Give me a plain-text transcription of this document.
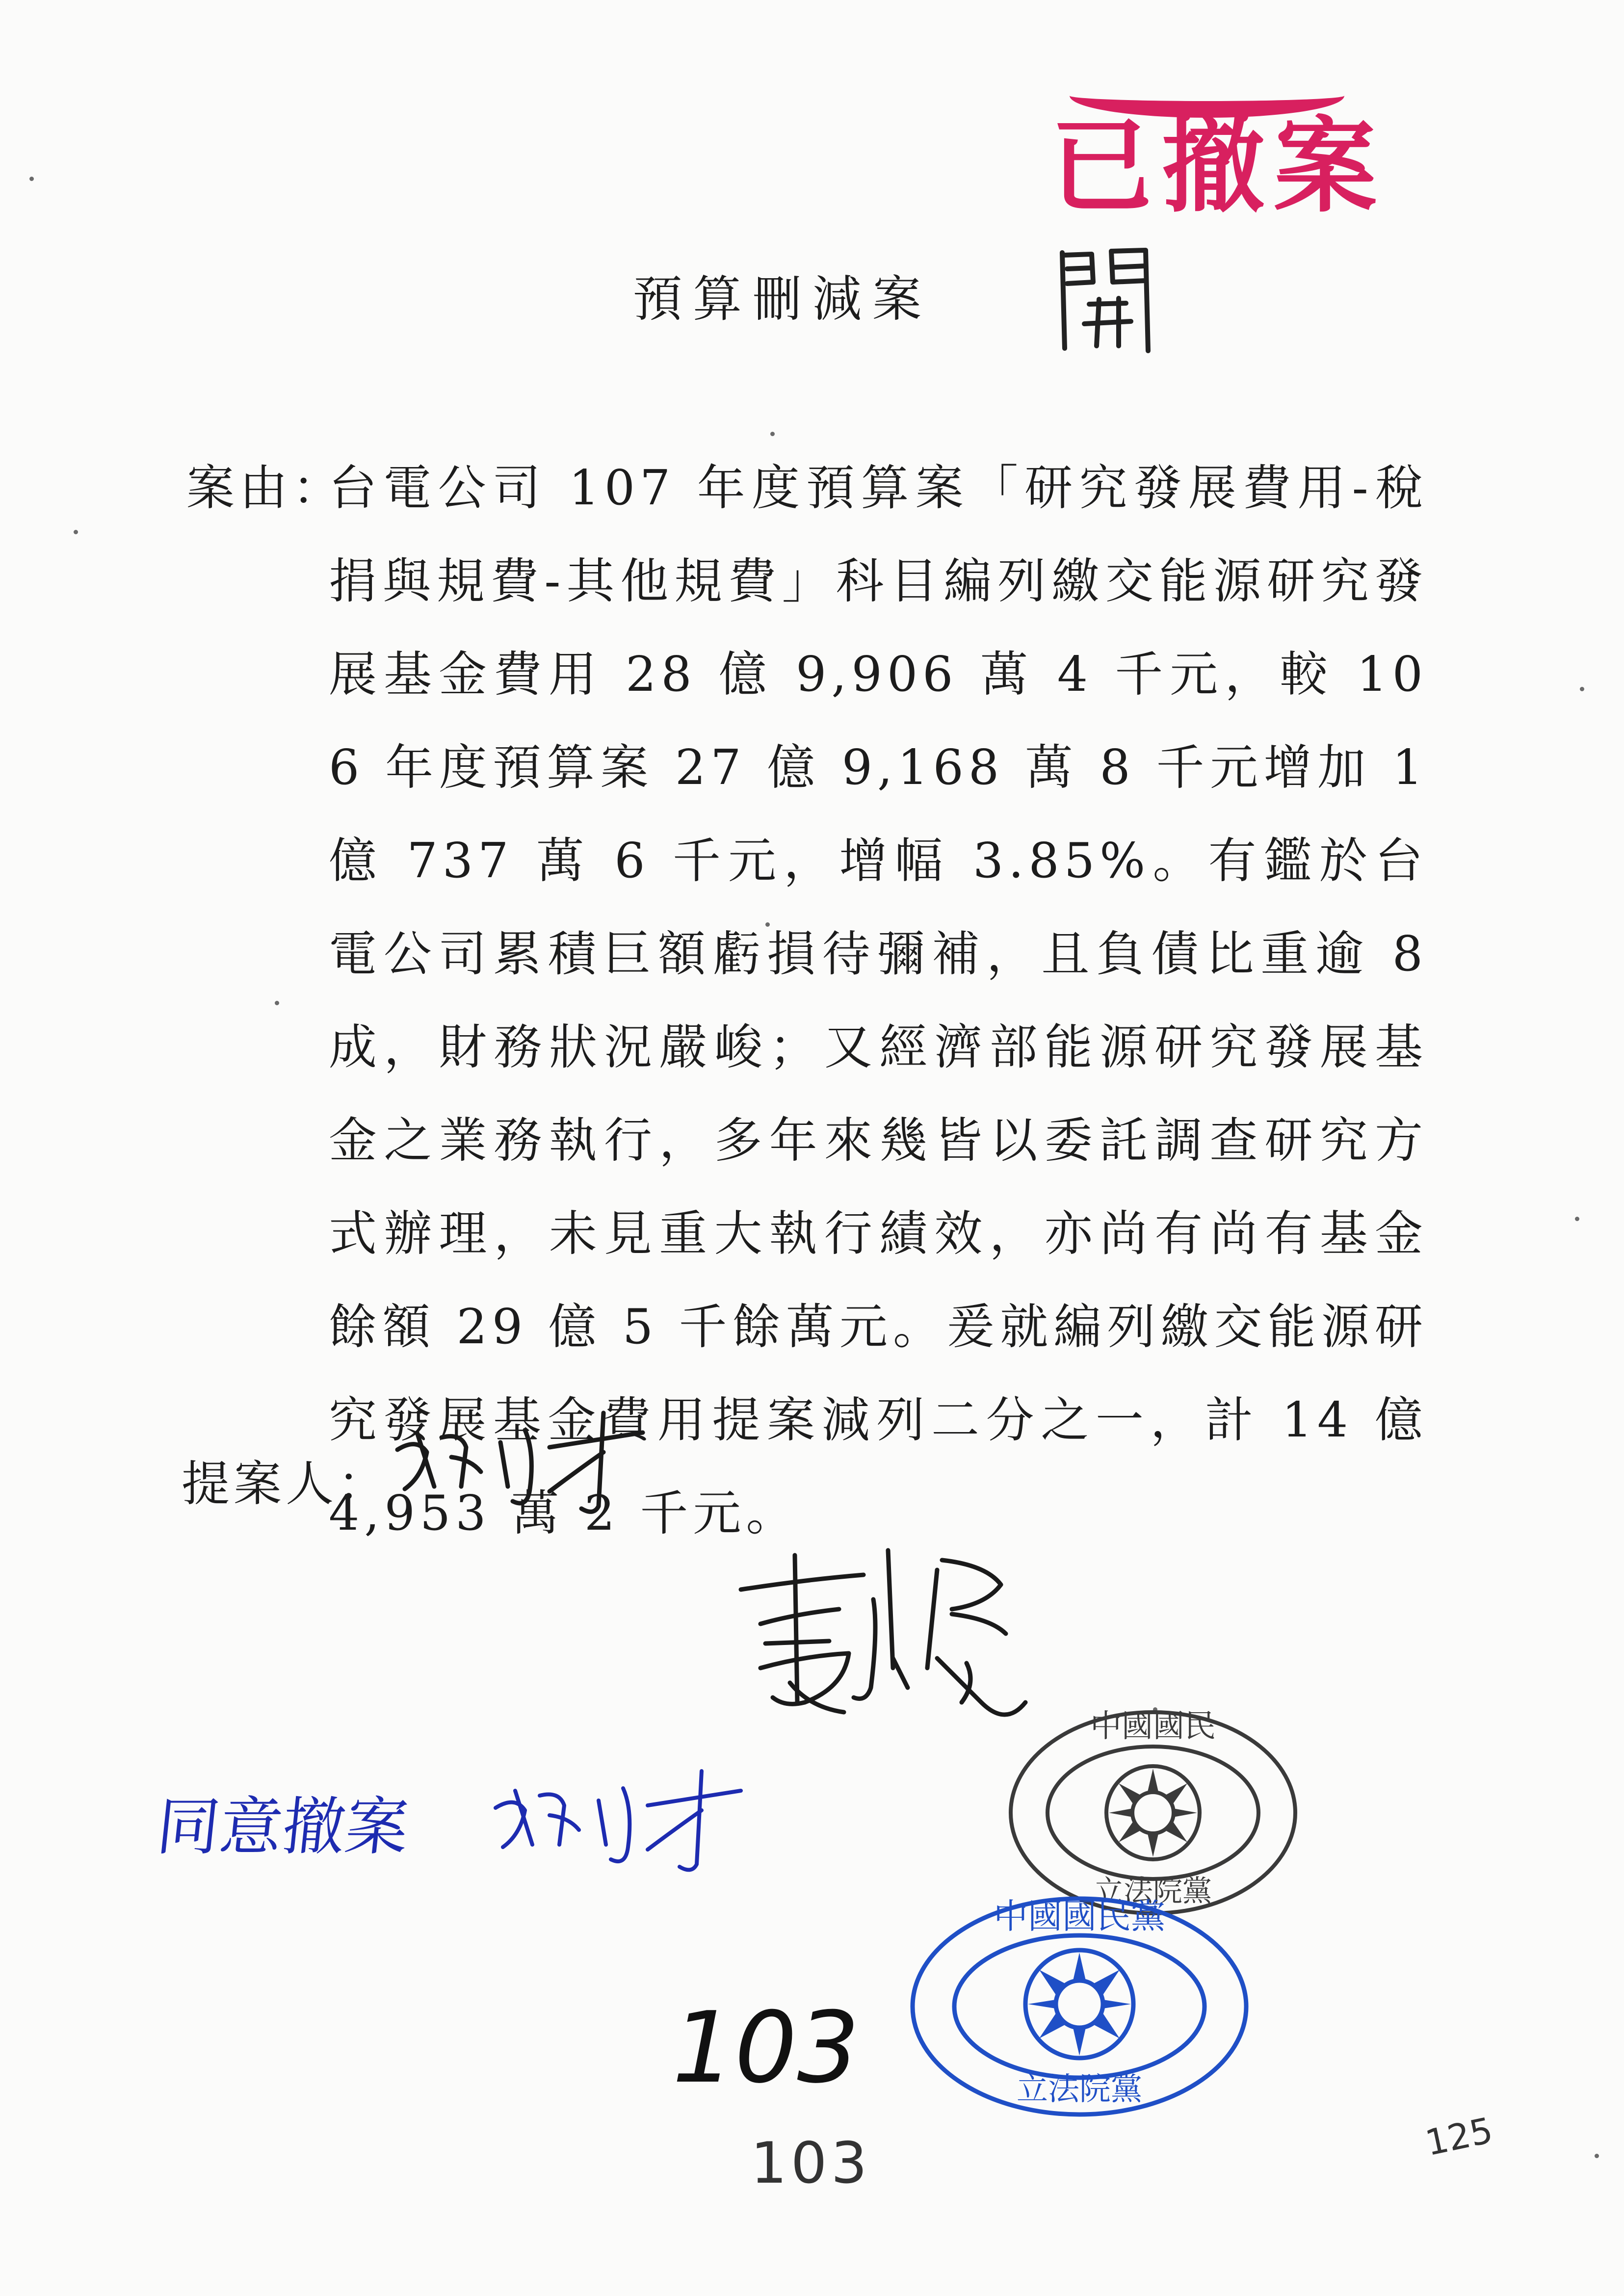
已撤案
預算刪減案
案由：
台電公司 107 年度預算案「研究發展費用-稅捐與規費-其他規費」科目編列繳交能源研究發展基金費用 28 億 9,906 萬 4 千元，較 106 年度預算案 27 億 9,168 萬 8 千元增加 1 億 737 萬 6 千元，增幅 3.85%。有鑑於台電公司累積巨額虧損待彌補，且負債比重逾 8 成，財務狀況嚴峻；又經濟部能源研究發展基金之業務執行，多年來幾皆以委託調查研究方式辦理，未見重大執行績效，亦尚有尚有基金餘額 29 億 5 千餘萬元。爰就編列繳交能源研究發展基金費用提案減列二分之一，計 14 億 4,953 萬 2 千元。
提案人：
同意撤案
中國國民
立法院黨
中國國民黨
立法院黨
103
103	125
